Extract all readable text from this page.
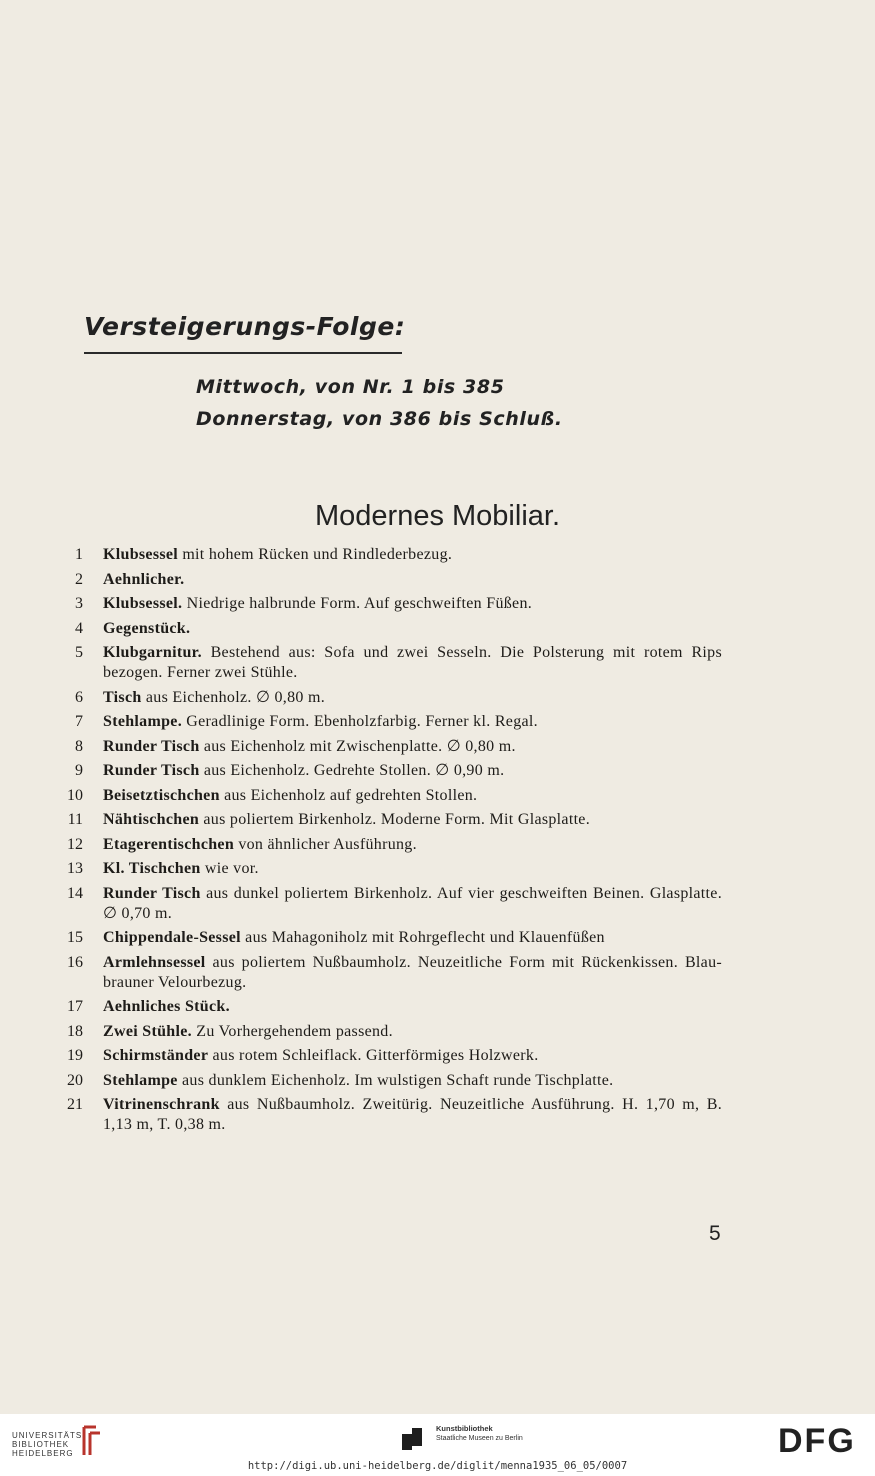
Versteigerungs-Folge:
Mittwoch, von Nr. 1 bis 385
Donnerstag, von 386 bis Schluß.
Modernes Mobiliar.
1 Klubsessel mit hohem Rücken und Rindlederbezug.
2 Aehnlicher.
3 Klubsessel. Niedrige halbrunde Form. Auf geschweiften Füßen.
4 Gegenstück.
5 Klubgarnitur. Bestehend aus: Sofa und zwei Sesseln. Die Polsterung mit rotem Rips bezogen. Ferner zwei Stühle.
6 Tisch aus Eichenholz. ∅ 0,80 m.
7 Stehlampe. Geradlinige Form. Ebenholzfarbig. Ferner kl. Regal.
8 Runder Tisch aus Eichenholz mit Zwischenplatte. ∅ 0,80 m.
9 Runder Tisch aus Eichenholz. Gedrehte Stollen. ∅ 0,90 m.
10 Beisetztischchen aus Eichenholz auf gedrehten Stollen.
11 Nähtischchen aus poliertem Birkenholz. Moderne Form. Mit Glasplatte.
12 Etagerentischchen von ähnlicher Ausführung.
13 Kl. Tischchen wie vor.
14 Runder Tisch aus dunkel poliertem Birkenholz. Auf vier geschweiften Beinen. Glasplatte. ∅ 0,70 m.
15 Chippendale-Sessel aus Mahagoniholz mit Rohrgeflecht und Klauenfüßen
16 Armlehnsessel aus poliertem Nußbaumholz. Neuzeitliche Form mit Rückenkissen. Blau-brauner Velourbezug.
17 Aehnliches Stück.
18 Zwei Stühle. Zu Vorhergehendem passend.
19 Schirmständer aus rotem Schleiflack. Gitterförmiges Holzwerk.
20 Stehlampe aus dunklem Eichenholz. Im wulstigen Schaft runde Tischplatte.
21 Vitrinenschrank aus Nußbaumholz. Zweitürig. Neuzeitliche Ausführung. H. 1,70 m, B. 1,13 m, T. 0,38 m.
5
UNIVERSITÄTS-
BIBLIOTHEK
HEIDELBERG
Kunstbibliothek
Staatliche Museen zu Berlin	DFG
http://digi.ub.uni-heidelberg.de/diglit/menna1935_06_05/0007
